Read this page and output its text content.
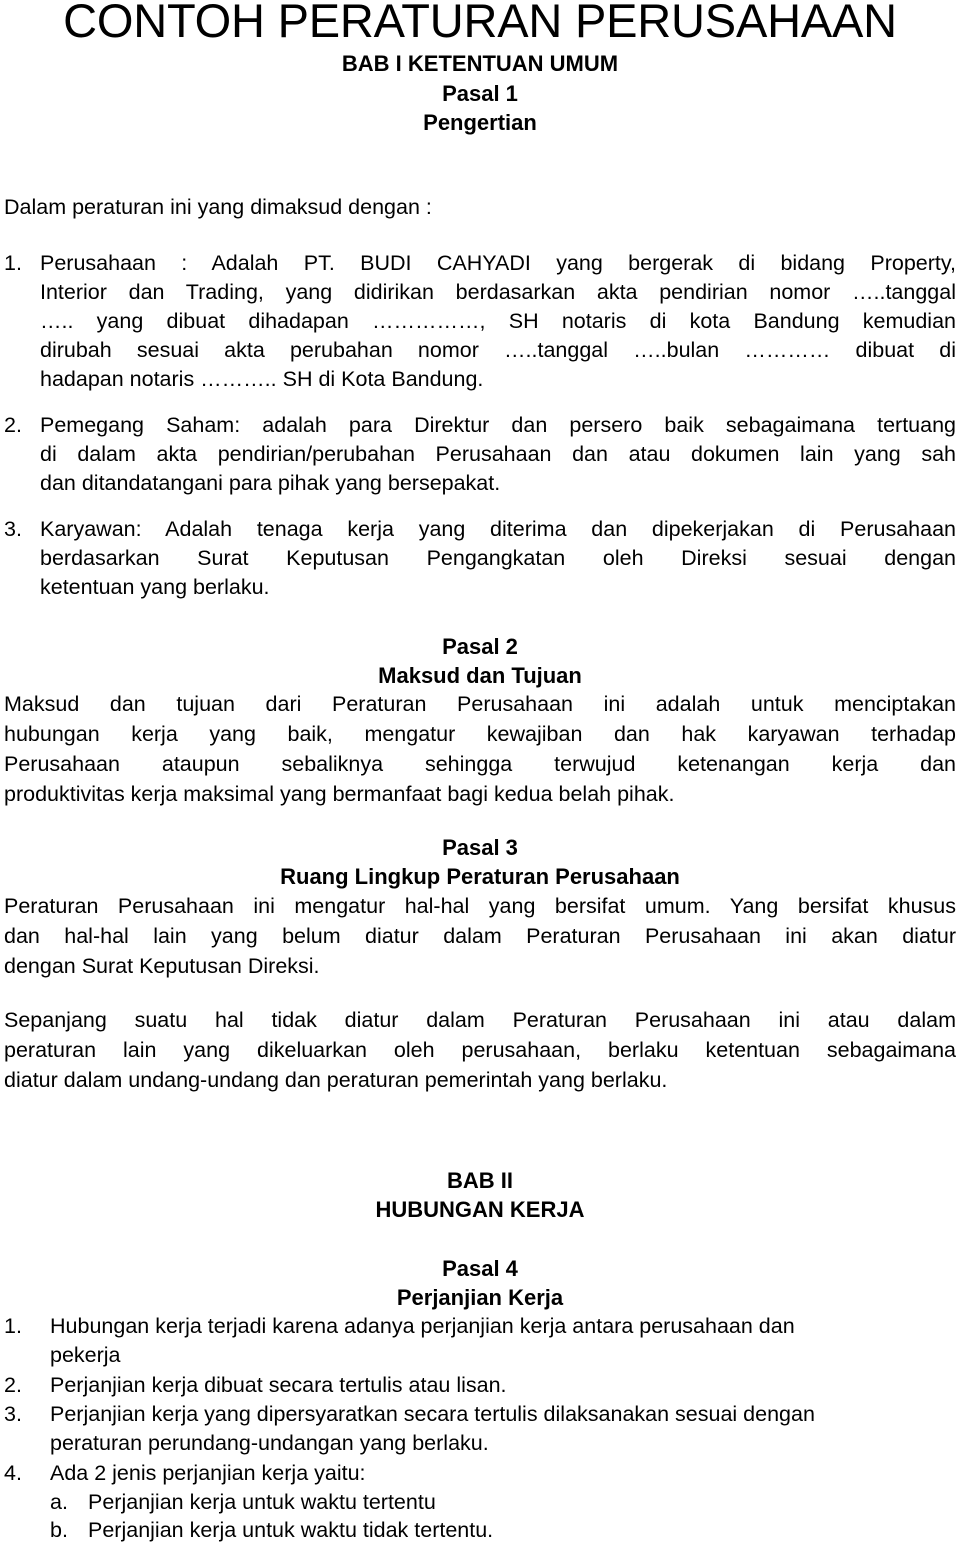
CONTOH PERATURAN PERUSAHAAN
BAB I KETENTUAN UMUM
Pasal 1
Pengertian
Dalam peraturan ini yang dimaksud dengan :
1. Perusahaan : Adalah PT. BUDI CAHYADI yang bergerak di bidang Property,
Interior dan Trading, yang didirikan berdasarkan akta pendirian nomor …..tanggal
….. yang dibuat dihadapan ……………, SH notaris di kota Bandung kemudian
dirubah sesuai akta perubahan nomor …..tanggal …..bulan ………… dibuat di
hadapan notaris ……….. SH di Kota Bandung.
2. Pemegang Saham: adalah para Direktur dan persero baik sebagaimana tertuang
di dalam akta pendirian/perubahan Perusahaan dan atau dokumen lain yang sah
dan ditandatangani para pihak yang bersepakat.
3. Karyawan: Adalah tenaga kerja yang diterima dan dipekerjakan di Perusahaan
berdasarkan Surat Keputusan Pengangkatan oleh Direksi sesuai dengan
ketentuan yang berlaku.
Pasal 2
Maksud dan Tujuan
Maksud dan tujuan dari Peraturan Perusahaan ini adalah untuk menciptakan
hubungan kerja yang baik, mengatur kewajiban dan hak karyawan terhadap
Perusahaan ataupun sebaliknya sehingga terwujud ketenangan kerja dan
produktivitas kerja maksimal yang bermanfaat bagi kedua belah pihak.
Pasal 3
Ruang Lingkup Peraturan Perusahaan
Peraturan Perusahaan ini mengatur hal-hal yang bersifat umum. Yang bersifat khusus
dan hal-hal lain yang belum diatur dalam Peraturan Perusahaan ini akan diatur
dengan Surat Keputusan Direksi.
Sepanjang suatu hal tidak diatur dalam Peraturan Perusahaan ini atau dalam
peraturan lain yang dikeluarkan oleh perusahaan, berlaku ketentuan sebagaimana
diatur dalam undang-undang dan peraturan pemerintah yang berlaku.
BAB II
HUBUNGAN KERJA
Pasal 4
Perjanjian Kerja
1. Hubungan kerja terjadi karena adanya perjanjian kerja antara perusahaan dan
pekerja
2. Perjanjian kerja dibuat secara tertulis atau lisan.
3. Perjanjian kerja yang dipersyaratkan secara tertulis dilaksanakan sesuai dengan
peraturan perundang-undangan yang berlaku.
4. Ada 2 jenis perjanjian kerja yaitu:
a. Perjanjian kerja untuk waktu tertentu
b. Perjanjian kerja untuk waktu tidak tertentu.
